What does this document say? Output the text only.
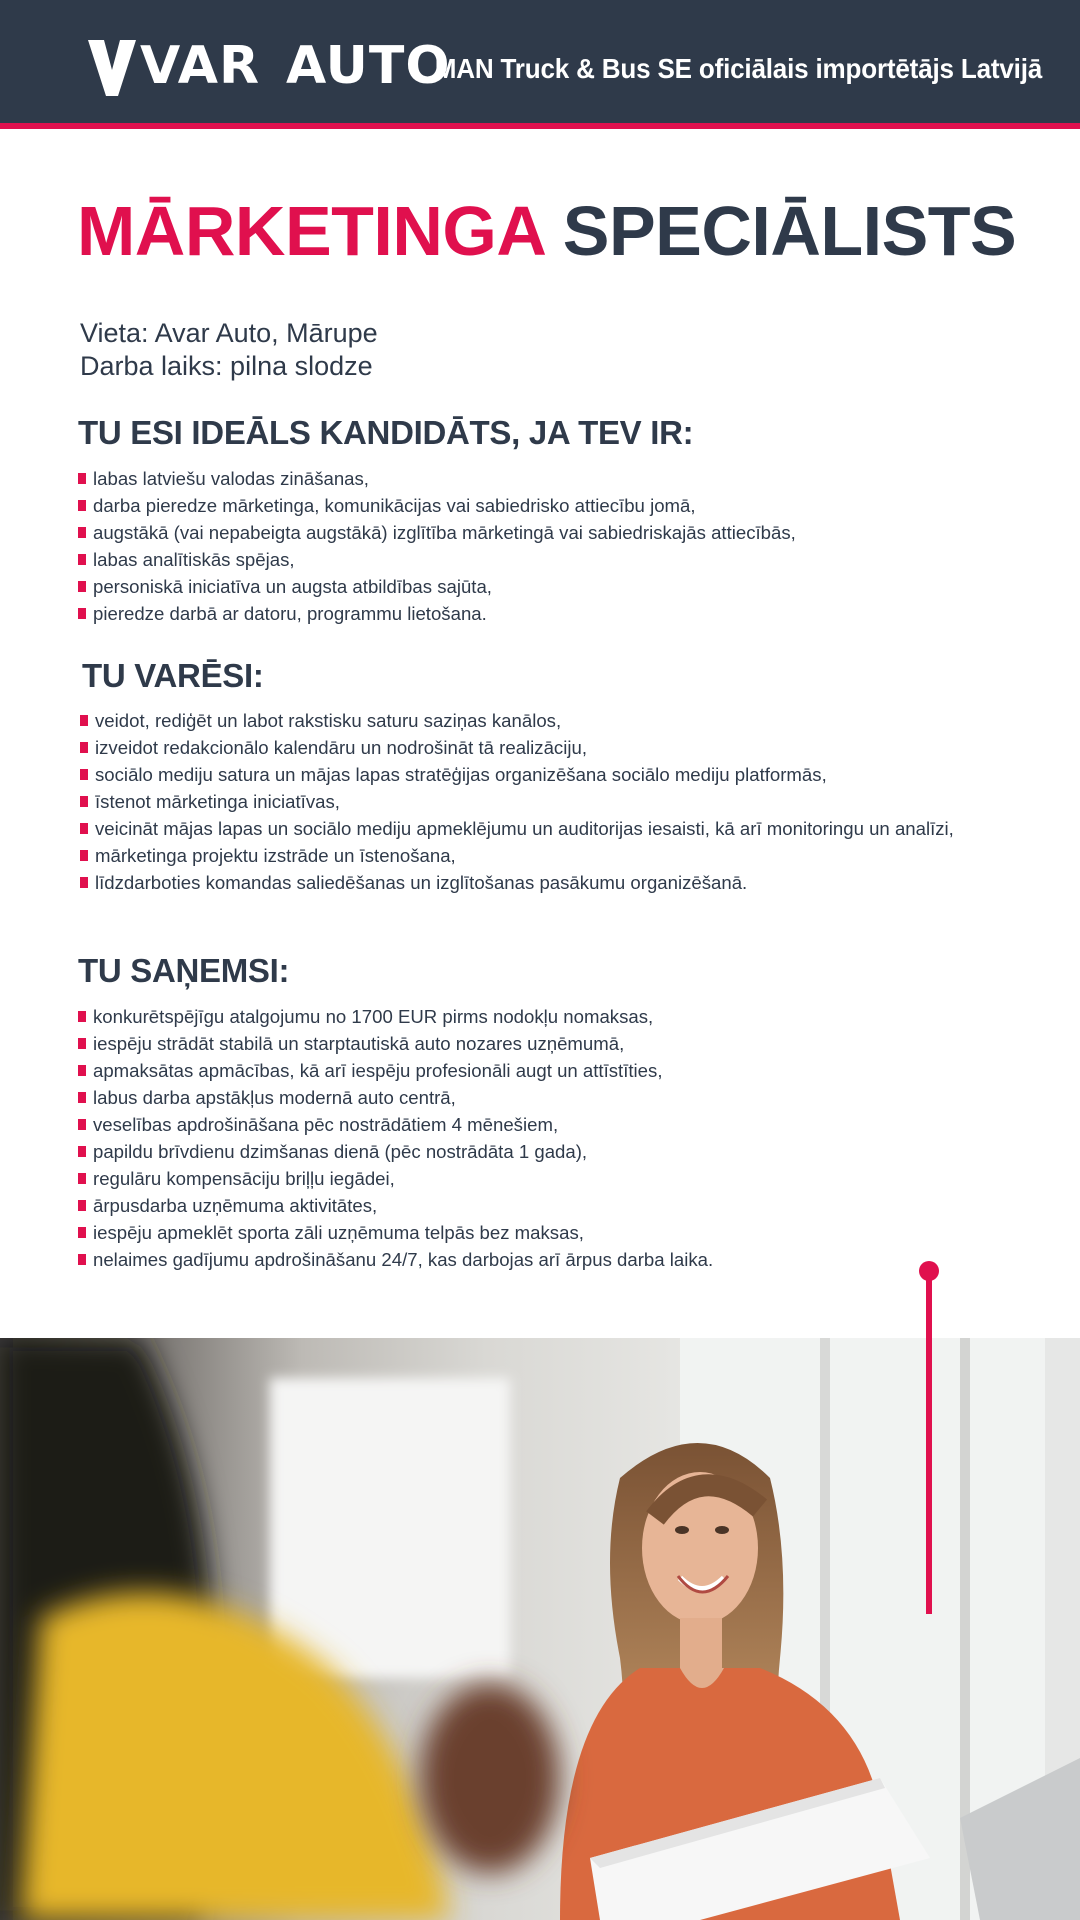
VAR AUTO
MAN Truck & Bus SE oficiālais importētājs Latvijā
MĀRKETINGA SPECIĀLISTS
Vieta: Avar Auto, Mārupe
Darba laiks: pilna slodze
TU ESI IDEĀLS KANDIDĀTS, JA TEV IR:
labas latviešu valodas zināšanas,
darba pieredze mārketinga, komunikācijas vai sabiedrisko attiecību jomā,
augstākā (vai nepabeigta augstākā) izglītība mārketingā vai sabiedriskajās attiecībās,
labas analītiskās spējas,
personiskā iniciatīva un augsta atbildības sajūta,
pieredze darbā ar datoru, programmu lietošana.
TU VARĒSI:
veidot, rediģēt un labot rakstisku saturu saziņas kanālos,
izveidot redakcionālo kalendāru un nodrošināt tā realizāciju,
sociālo mediju satura un mājas lapas stratēģijas organizēšana sociālo mediju platformās,
īstenot mārketinga iniciatīvas,
veicināt mājas lapas un sociālo mediju apmeklējumu un auditorijas iesaisti, kā arī monitoringu un analīzi,
mārketinga projektu izstrāde un īstenošana,
līdzdarboties komandas saliedēšanas un izglītošanas pasākumu organizēšanā.
TU SAŅEMSI:
konkurētspējīgu atalgojumu no 1700 EUR pirms nodokļu nomaksas,
iespēju strādāt stabilā un starptautiskā auto nozares uzņēmumā,
apmaksātas apmācības, kā arī iespēju profesionāli augt un attīstīties,
labus darba apstākļus modernā auto centrā,
veselības apdrošināšana pēc nostrādātiem 4 mēnešiem,
papildu brīvdienu dzimšanas dienā (pēc nostrādāta 1 gada),
regulāru kompensāciju briļļu iegādei,
ārpusdarba uzņēmuma aktivitātes,
iespēju apmeklēt sporta zāli uzņēmuma telpās bez maksas,
nelaimes gadījumu apdrošināšanu 24/7, kas darbojas arī ārpus darba laika.
